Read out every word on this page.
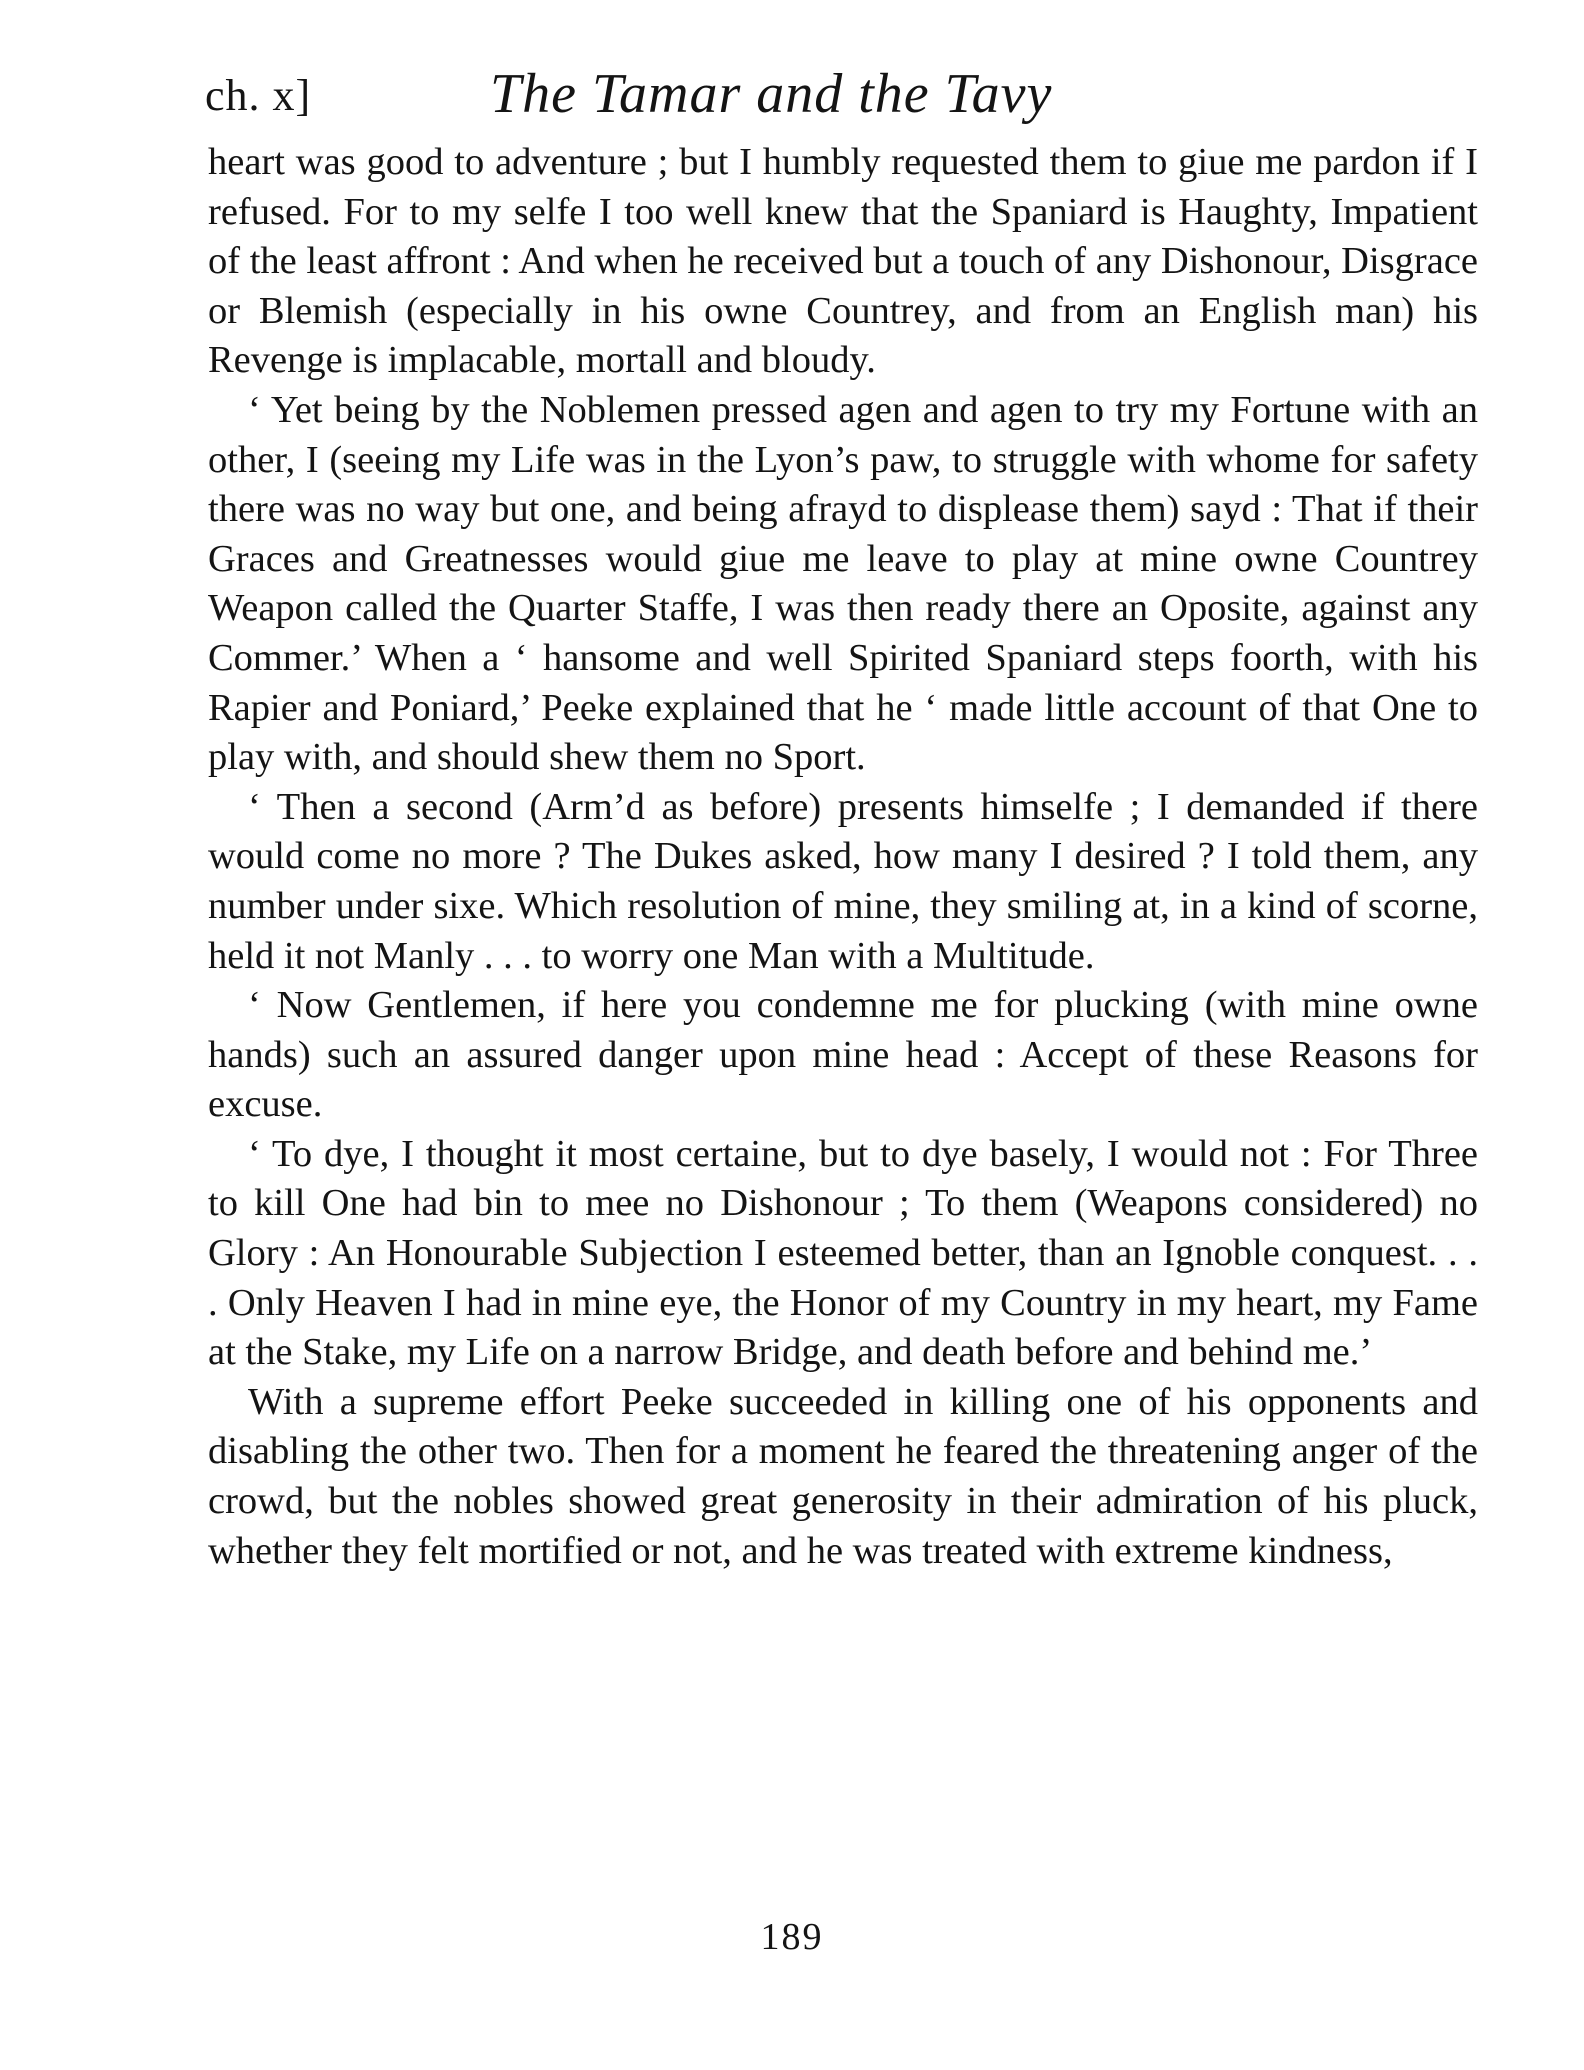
ch. x]	The Tamar and the Tavy

heart was good to adventure ; but I humbly requested them to giue me pardon if I refused. For to my selfe I too well knew that the Spaniard is Haughty, Impatient of the least affront : And when he received but a touch of any Dishonour, Disgrace or Blemish (especially in his owne Countrey, and from an English man) his Revenge is implacable, mortall and bloudy.

‘ Yet being by the Noblemen pressed agen and agen to try my Fortune with an other, I (seeing my Life was in the Lyon’s paw, to struggle with whome for safety there was no way but one, and being afrayd to displease them) sayd : That if their Graces and Greatnesses would giue me leave to play at mine owne Countrey Weapon called the Quarter Staffe, I was then ready there an Oposite, against any Commer.’ When a ‘ hansome and well Spirited Spaniard steps foorth, with his Rapier and Poniard,’ Peeke explained that he ‘ made little account of that One to play with, and should shew them no Sport.

‘ Then a second (Arm’d as before) presents himselfe ; I demanded if there would come no more ? The Dukes asked, how many I desired ? I told them, any number under sixe. Which resolution of mine, they smiling at, in a kind of scorne, held it not Manly . . . to worry one Man with a Multitude.

‘ Now Gentlemen, if here you condemne me for plucking (with mine owne hands) such an assured danger upon mine head : Accept of these Reasons for excuse.

‘ To dye, I thought it most certaine, but to dye basely, I would not : For Three to kill One had bin to mee no Dishonour ; To them (Weapons considered) no Glory : An Honourable Subjection I esteemed better, than an Ignoble conquest. . . . Only Heaven I had in mine eye, the Honor of my Country in my heart, my Fame at the Stake, my Life on a narrow Bridge, and death before and behind me.’

With a supreme effort Peeke succeeded in killing one of his opponents and disabling the other two. Then for a moment he feared the threatening anger of the crowd, but the nobles showed great generosity in their admiration of his pluck, whether they felt mortified or not, and he was treated with extreme kindness,

189
